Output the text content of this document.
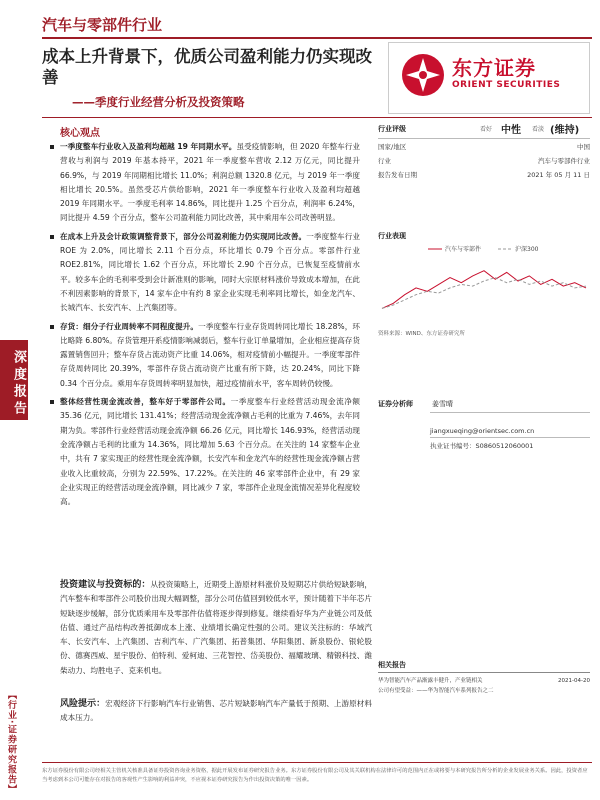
汽车与零部件行业
成本上升背景下，优质公司盈利能力仍实现改善
——季度行业经营分析及投资策略
东方证券
ORIENT SECURITIES
深度报告
【行业·证券研究报告】
核心观点
一季度整车行业收入及盈利均超越 19 年同期水平。虽受疫情影响，但 2020 年整车行业营收与利润与 2019 年基本持平，2021 年一季度整车营收 2.12 万亿元，同比提升 66.9%，与 2019 年同期相比增长 11.0%；利润总额 1320.8 亿元，与 2019 年一季度相比增长 20.5%。虽然受芯片供给影响，2021 年一季度整车行业收入及盈利均超越 2019 年同期水平。一季度毛利率 14.86%，同比提升 1.25 个百分点，利润率 6.24%，同比提升 4.59 个百分点，整车公司盈利能力同比改善，其中乘用车公司改善明显。
在成本上升及会计政策调整背景下，部分公司盈利能力仍实现同比改善。一季度整车行业 ROE 为 2.0%，同比增长 2.11 个百分点，环比增长 0.79 个百分点。零部件行业 ROE2.81%，同比增长 1.62 个百分点，环比增长 2.90 个百分点，已恢复至疫情前水平。较多车企的毛利率受到会计新准则的影响，同时大宗原材料涨价导致成本增加，在此不利因素影响的背景下，14 家车企中有约 8 家企业实现毛利率同比增长，如金龙汽车、长城汽车、长安汽车、上汽集团等。
存货：细分子行业周转率不同程度提升。一季度整车行业存货周转同比增长 18.28%，环比略降 6.80%。存货管理开系疫情影响减弱后，整车行业订单量增加，企业相应提高存货露置销售回升；整车存货占流动资产比重 14.06%，相对疫情前小幅提升。一季度零部件存货周转同比 20.39%，零部件存货占流动资产比重有所下降，达 20.24%，同比下降 0.34 个百分点。乘用车存货周转率明显加快，超过疫情前水平，客车周转仍较慢。
整体经营性现金流改善，整车好于零部件公司。一季度整车行业经营活动现金流净额 35.36 亿元，同比增长 131.41%；经营活动现金流净额占毛利的比重为 7.46%，去年同期为负。零部件行业经营活动现金流净额 66.26 亿元，同比增长 146.93%，经营活动现金流净额占毛利的比重为 14.36%，同比增加 5.63 个百分点。在关注的 14 家整车企业中，共有 7 家实现正的经营性现金流净额，长安汽车和金龙汽车的经营性现金流净额占营业收入比重较高，分别为 22.59%、17.22%。在关注的 46 家零部件企业中，有 29 家企业实现正的经营活动现金流净额，同比减少 7 家，零部件企业现金流情况差异化程度较高。
投资建议与投资标的：从投资策略上，近期受上游原材料涨价及短期芯片供给短缺影响，汽车整车和零部件公司股价出现大幅调整，部分公司估值回到较低水平，预计随着下半年芯片短缺逐步缓解，部分优质乘用车及零部件估值将逐步得到修复。继续看好华为产业链公司及低估值、通过产品结构改善抵御成本上涨、业绩增长确定性强的公司。建议关注标的：华域汽车、长安汽车、上汽集团、吉利汽车、广汽集团、拓普集团、华阳集团、新泉股份、银轮股份、德赛西威、星宇股份、伯特利、爱柯迪、三花智控、岱美股份、福耀玻璃、精锻科技、潍柴动力、均胜电子、克来机电。
风险提示：宏观经济下行影响汽车行业销售、芯片短缺影响汽车产量低于预期、上游原材料成本压力。
行业评级	看好 中性 看淡 (维持)
国家/地区	中国
行业	汽车与零部件行业
报告发布日期	2021 年 05 月 11 日
行业表现
汽车与零部件	沪深300
资料来源：WIND、东方证券研究所
证券分析师	姜雪晴
jiangxueqing@orientsec.com.cn
执业证书编号：S0860512060001
相关报告
华为智能汽车产品渐露丰健升，产业链相关	2021-04-20
公司有望受益：——华为智能汽车系列报告之二
东方证券股份有限公司经相关主管机关核准具备证券投资咨询业务资格，据此开展发布证券研究报告业务。东方证券股份有限公司及其关联机构在法律许可的范围内正在或将要与本研究报告所分析的企业发展业务关系。因此，投资者应当考虑到本公司可能存在对报告的客观性产生影响的利益冲突，不应视本证券研究报告为作出投资决策的唯一因素。
